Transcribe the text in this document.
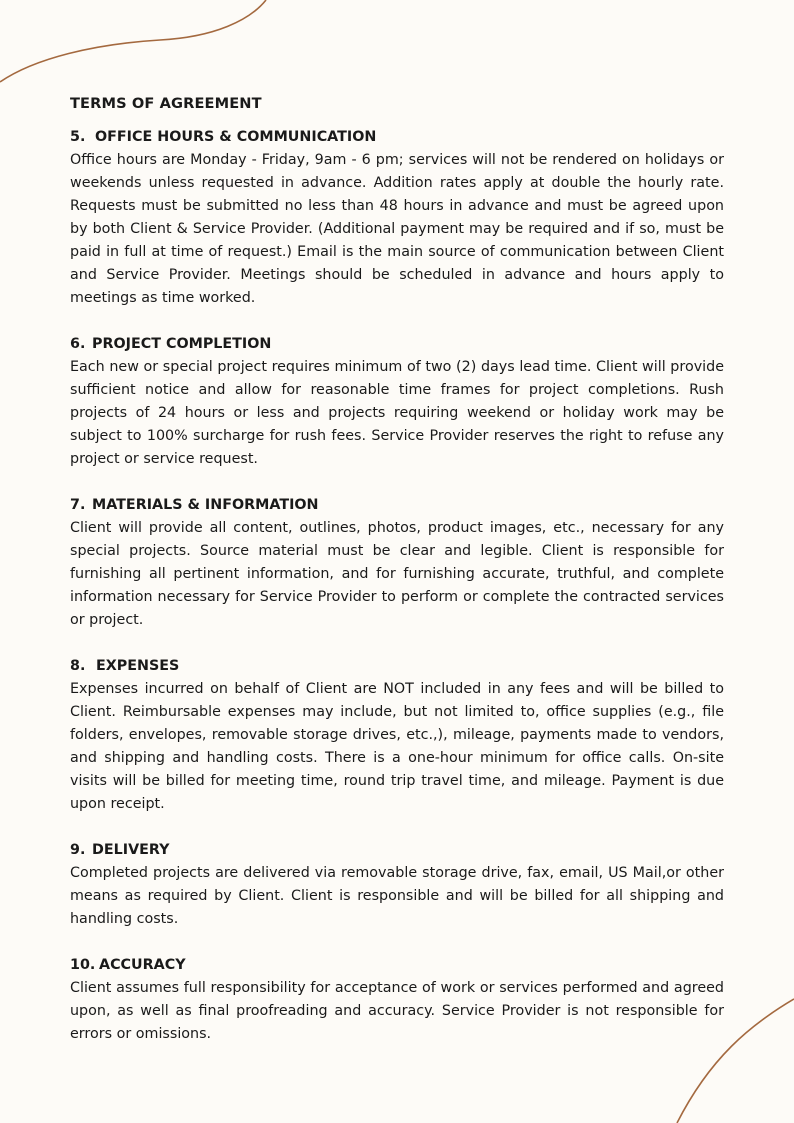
TERMS OF AGREEMENT
5. OFFICE HOURS & COMMUNICATION

Office hours are Monday - Friday, 9am - 6 pm; services will not be rendered on holidays or weekends unless requested in advance. Addition rates apply at double the hourly rate. Requests must be submitted no less than 48 hours in advance and must be agreed upon by both Client & Service Provider. (Additional payment may be required and if so, must be paid in full at time of request.) Email is the main source of communication between Client and Service Provider. Meetings should be scheduled in advance and hours apply to meetings as time worked.

6. PROJECT COMPLETION

Each new or special project requires minimum of two (2) days lead time. Client will provide sufficient notice and allow for reasonable time frames for project completions. Rush projects of 24 hours or less and projects requiring weekend or holiday work may be subject to 100% surcharge for rush fees. Service Provider reserves the right to refuse any project or service request.

7. MATERIALS & INFORMATION

Client will provide all content, outlines, photos, product images, etc., necessary for any special projects. Source material must be clear and legible. Client is responsible for furnishing all pertinent information, and for furnishing accurate, truthful, and complete information necessary for Service Provider to perform or complete the contracted services or project.

8. EXPENSES

Expenses incurred on behalf of Client are NOT included in any fees and will be billed to Client. Reimbursable expenses may include, but not limited to, office supplies (e.g., file folders, envelopes, removable storage drives, etc.,), mileage, payments made to vendors, and shipping and handling costs. There is a one-hour minimum for office calls. On-site visits will be billed for meeting time, round trip travel time, and mileage. Payment is due upon receipt.

9. DELIVERY

Completed projects are delivered via removable storage drive, fax, email, US Mail,or other means as required by Client. Client is responsible and will be billed for all shipping and handling costs.

10. ACCURACY

Client assumes full responsibility for acceptance of work or services performed and agreed upon, as well as final proofreading and accuracy. Service Provider is not responsible for errors or omissions.
